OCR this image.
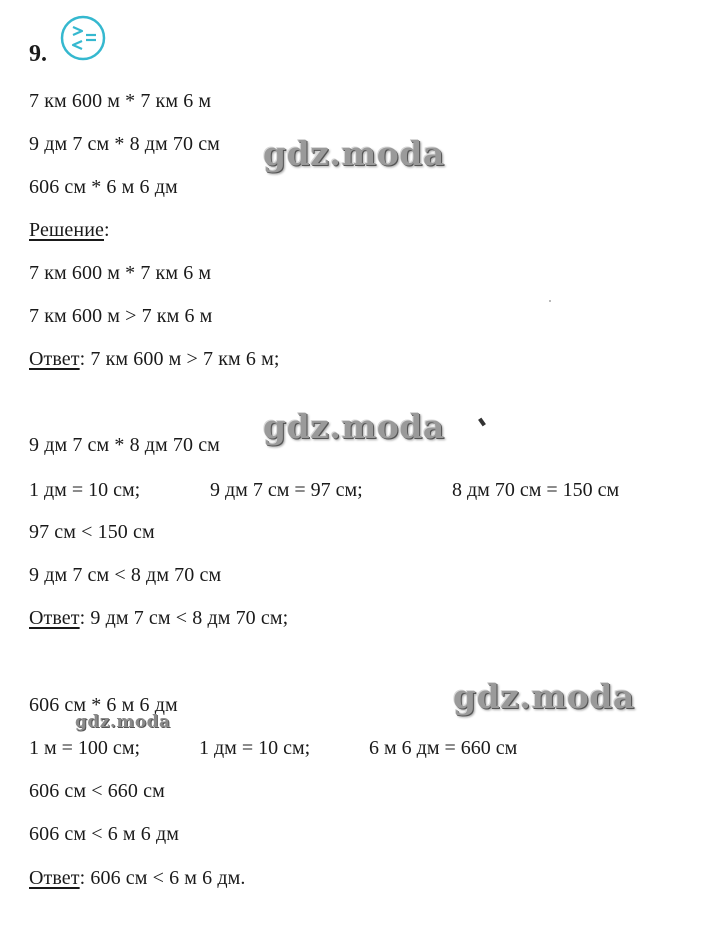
9.
7 км 600 м * 7 км 6 м
9 дм 7 см * 8 дм 70 см
606 см * 6 м 6 дм
Решение:
7 км 600 м * 7 км 6 м
7 км 600 м > 7 км 6 м
Ответ: 7 км 600 м > 7 км 6 м;
9 дм 7 см * 8 дм 70 см
1 дм = 10 см;	9 дм 7 см = 97 см;	8 дм 70 см = 150 см
97 см < 150 см
9 дм 7 см < 8 дм 70 см
Ответ: 9 дм 7 см < 8 дм 70 см;
606 см * 6 м 6 дм
1 м = 100 см;	1 дм = 10 см;	6 м 6 дм = 660 см
606 см < 660 см
606 см < 6 м 6 дм
Ответ: 606 см < 6 м 6 дм.
gdz.moda
gdz.moda
gdz.moda
gdz.moda
